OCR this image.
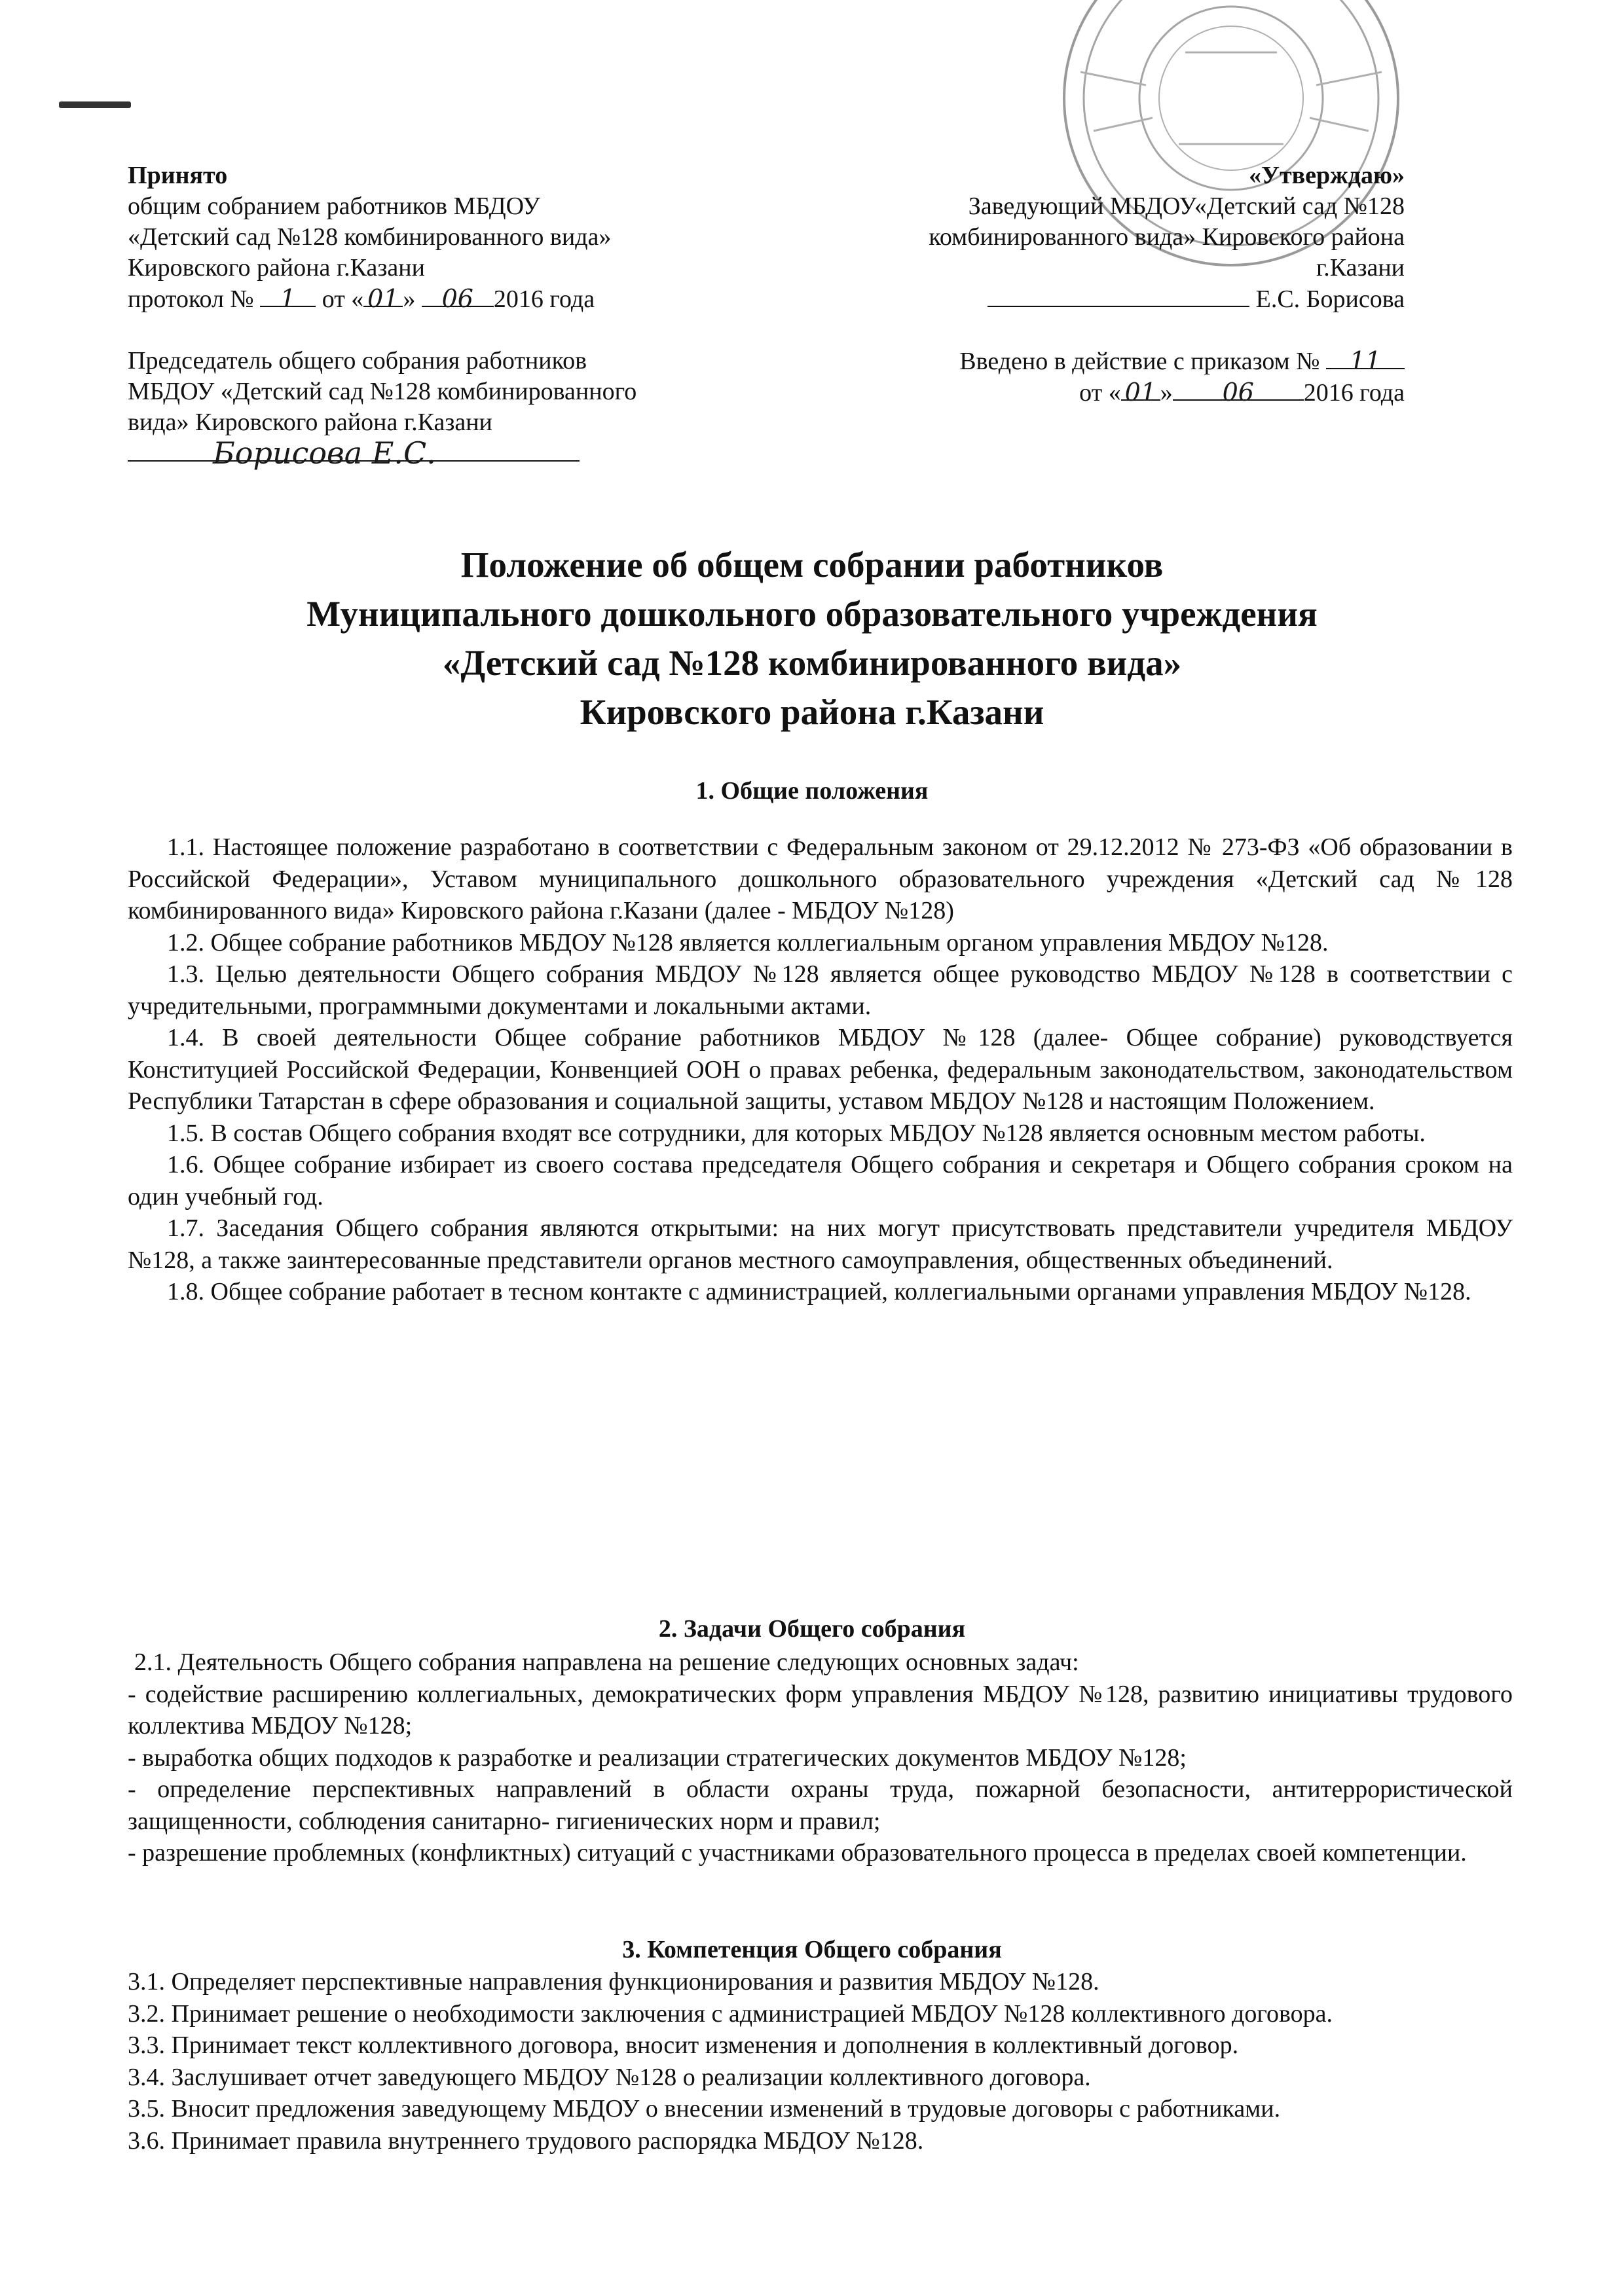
Принято
общим собранием работников МБДОУ
«Детский сад №128 комбинированного вида»
Кировского района г.Казани
протокол № 1 от « 01 » 06 2016 года
Председатель общего собрания работников
МБДОУ «Детский сад №128 комбинированного
вида» Кировского района г.Казани
Борисова Е.С.
«Утверждаю»
Заведующий МБДОУ«Детский сад №128
комбинированного вида» Кировского района
г.Казани
Е.С. Борисова
Введено в действие с приказом № 11
от « 01 » 06 2016 года
Положение об общем собрании работников
Муниципального дошкольного образовательного учреждения
«Детский сад №128 комбинированного вида»
Кировского района г.Казани
1. Общие положения

1.1. Настоящее положение разработано в соответствии с Федеральным законом от 29.12.2012 № 273-ФЗ «Об образовании в Российской Федерации», Уставом муниципального дошкольного образовательного учреждения «Детский сад №128 комбинированного вида» Кировского района г.Казани (далее - МБДОУ №128)

1.2. Общее собрание работников МБДОУ №128 является коллегиальным органом управления МБДОУ №128.

1.3. Целью деятельности Общего собрания МБДОУ №128 является общее руководство МБДОУ №128 в соответствии с учредительными, программными документами и локальными актами.

1.4. В своей деятельности Общее собрание работников МБДОУ №128 (далее- Общее собрание) руководствуется Конституцией Российской Федерации, Конвенцией ООН о правах ребенка, федеральным законодательством, законодательством Республики Татарстан в сфере образования и социальной защиты, уставом МБДОУ №128 и настоящим Положением.

1.5. В состав Общего собрания входят все сотрудники, для которых МБДОУ №128 является основным местом работы.

1.6. Общее собрание избирает из своего состава председателя Общего собрания и секретаря и Общего собрания сроком на один учебный год.

1.7. Заседания Общего собрания являются открытыми: на них могут присутствовать представители учредителя МБДОУ №128, а также заинтересованные представители органов местного самоуправления, общественных объединений.

1.8. Общее собрание работает в тесном контакте с администрацией, коллегиальными органами управления МБДОУ №128.

2. Задачи Общего собрания

2.1. Деятельность Общего собрания направлена на решение следующих основных задач:

- содействие расширению коллегиальных, демократических форм управления МБДОУ №128, развитию инициативы трудового коллектива МБДОУ №128;

- выработка общих подходов к разработке и реализации стратегических документов МБДОУ №128;

- определение перспективных направлений в области охраны труда, пожарной безопасности, антитеррористической защищенности, соблюдения санитарно- гигиенических норм и правил;

- разрешение проблемных (конфликтных) ситуаций с участниками образовательного процесса в пределах своей компетенции.

3. Компетенция Общего собрания

3.1. Определяет перспективные направления функционирования и развития МБДОУ №128.

3.2. Принимает решение о необходимости заключения с администрацией МБДОУ №128 коллективного договора.

3.3. Принимает текст коллективного договора, вносит изменения и дополнения в коллективный договор.

3.4. Заслушивает отчет заведующего МБДОУ №128 о реализации коллективного договора.

3.5. Вносит предложения заведующему МБДОУ о внесении изменений в трудовые договоры с работниками.

3.6. Принимает правила внутреннего трудового распорядка МБДОУ №128.
